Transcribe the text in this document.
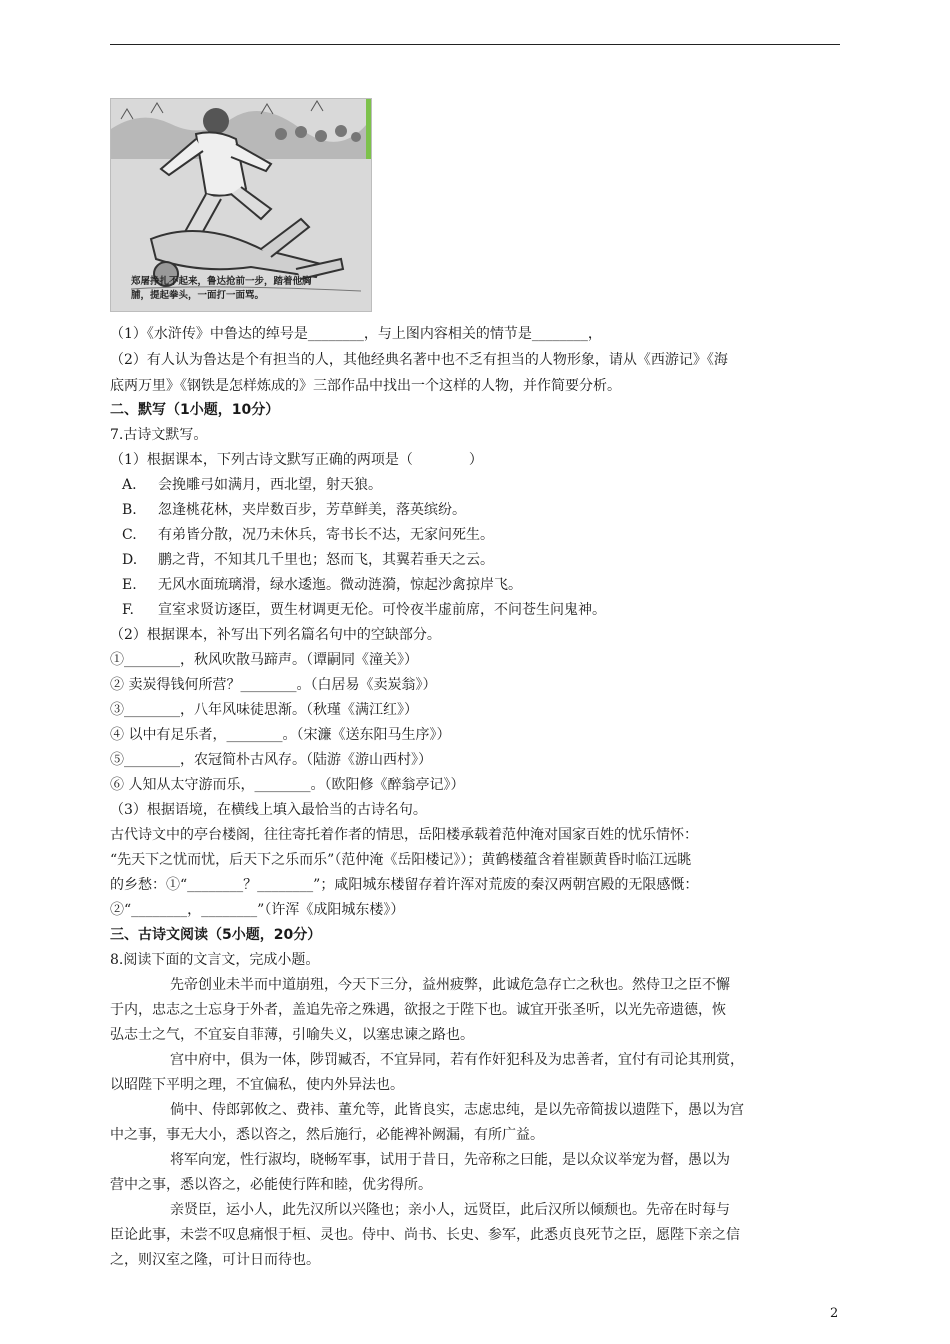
郑屠挣扎不起来，鲁达抢前一步，踏着他胸
脯，提起拳头，一面打一面骂。
（1）《水浒传》中鲁达的绰号是________，与上图内容相关的情节是________，
（2）有人认为鲁达是个有担当的人，其他经典名著中也不乏有担当的人物形象，请从《西游记》《海
底两万里》《钢铁是怎样炼成的》三部作品中找出一个这样的人物，并作简要分析。
二、默写（1小题，10分）
7.古诗文默写。
（1）根据课本，下列古诗文默写正确的两项是（　　　　）
A. 会挽雕弓如满月，西北望，射天狼。
B. 忽逢桃花林，夹岸数百步，芳草鲜美，落英缤纷。
C. 有弟皆分散，况乃未休兵，寄书长不达，无家问死生。
D. 鹏之背，不知其几千里也；怒而飞，其翼若垂天之云。
E. 无风水面琉璃滑，绿水逶迤。微动涟漪，惊起沙禽掠岸飞。
F. 宣室求贤访逐臣，贾生材调更无伦。可怜夜半虚前席，不问苍生问鬼神。
（2）根据课本，补写出下列名篇名句中的空缺部分。
①________，秋风吹散马蹄声。（谭嗣同《潼关》）
② 卖炭得钱何所营？________。（白居易《卖炭翁》）
③________，八年风味徒思渐。（秋瑾《满江红》）
④ 以中有足乐者，________。（宋濂《送东阳马生序》）
⑤________，农冠简朴古风存。（陆游《游山西村》）
⑥ 人知从太守游而乐，________。（欧阳修《醉翁亭记》）
（3）根据语境，在横线上填入最恰当的古诗名句。
古代诗文中的亭台楼阁，往往寄托着作者的情思，岳阳楼承载着范仲淹对国家百姓的忧乐情怀：
“先天下之忧而忧，后天下之乐而乐”（范仲淹《岳阳楼记》）；黄鹤楼蕴含着崔颢黄昏时临江远眺
的乡愁：①“________？________”；咸阳城东楼留存着许浑对荒废的秦汉两朝宫殿的无限感慨：
②“________，________”（许浑《成阳城东楼》）
三、古诗文阅读（5小题，20分）
8.阅读下面的文言文，完成小题。
先帝创业未半而中道崩殂，今天下三分，益州疲弊，此诚危急存亡之秋也。然侍卫之臣不懈
于内，忠志之士忘身于外者，盖追先帝之殊遇，欲报之于陛下也。诚宜开张圣听，以光先帝遗德，恢
弘志士之气，不宜妄自菲薄，引喻失义，以塞忠谏之路也。
宫中府中，俱为一体，陟罚臧否，不宜异同，若有作奸犯科及为忠善者，宜付有司论其刑赏，
以昭陛下平明之理，不宜偏私，使内外异法也。
倘中、侍郎郭攸之、费祎、董允等，此皆良实，志虑忠纯，是以先帝简拔以遗陛下，愚以为宫
中之事，事无大小，悉以咨之，然后施行，必能裨补阙漏，有所广益。
将军向宠，性行淑均，晓畅军事，试用于昔日，先帝称之曰能，是以众议举宠为督，愚以为
营中之事，悉以咨之，必能使行阵和睦，优劣得所。
亲贤臣，运小人，此先汉所以兴隆也；亲小人，远贤臣，此后汉所以倾颓也。先帝在时每与
臣论此事，未尝不叹息痛恨于桓、灵也。侍中、尚书、长史、参军，此悉贞良死节之臣，愿陛下亲之信
之，则汉室之隆，可计日而待也。
2
